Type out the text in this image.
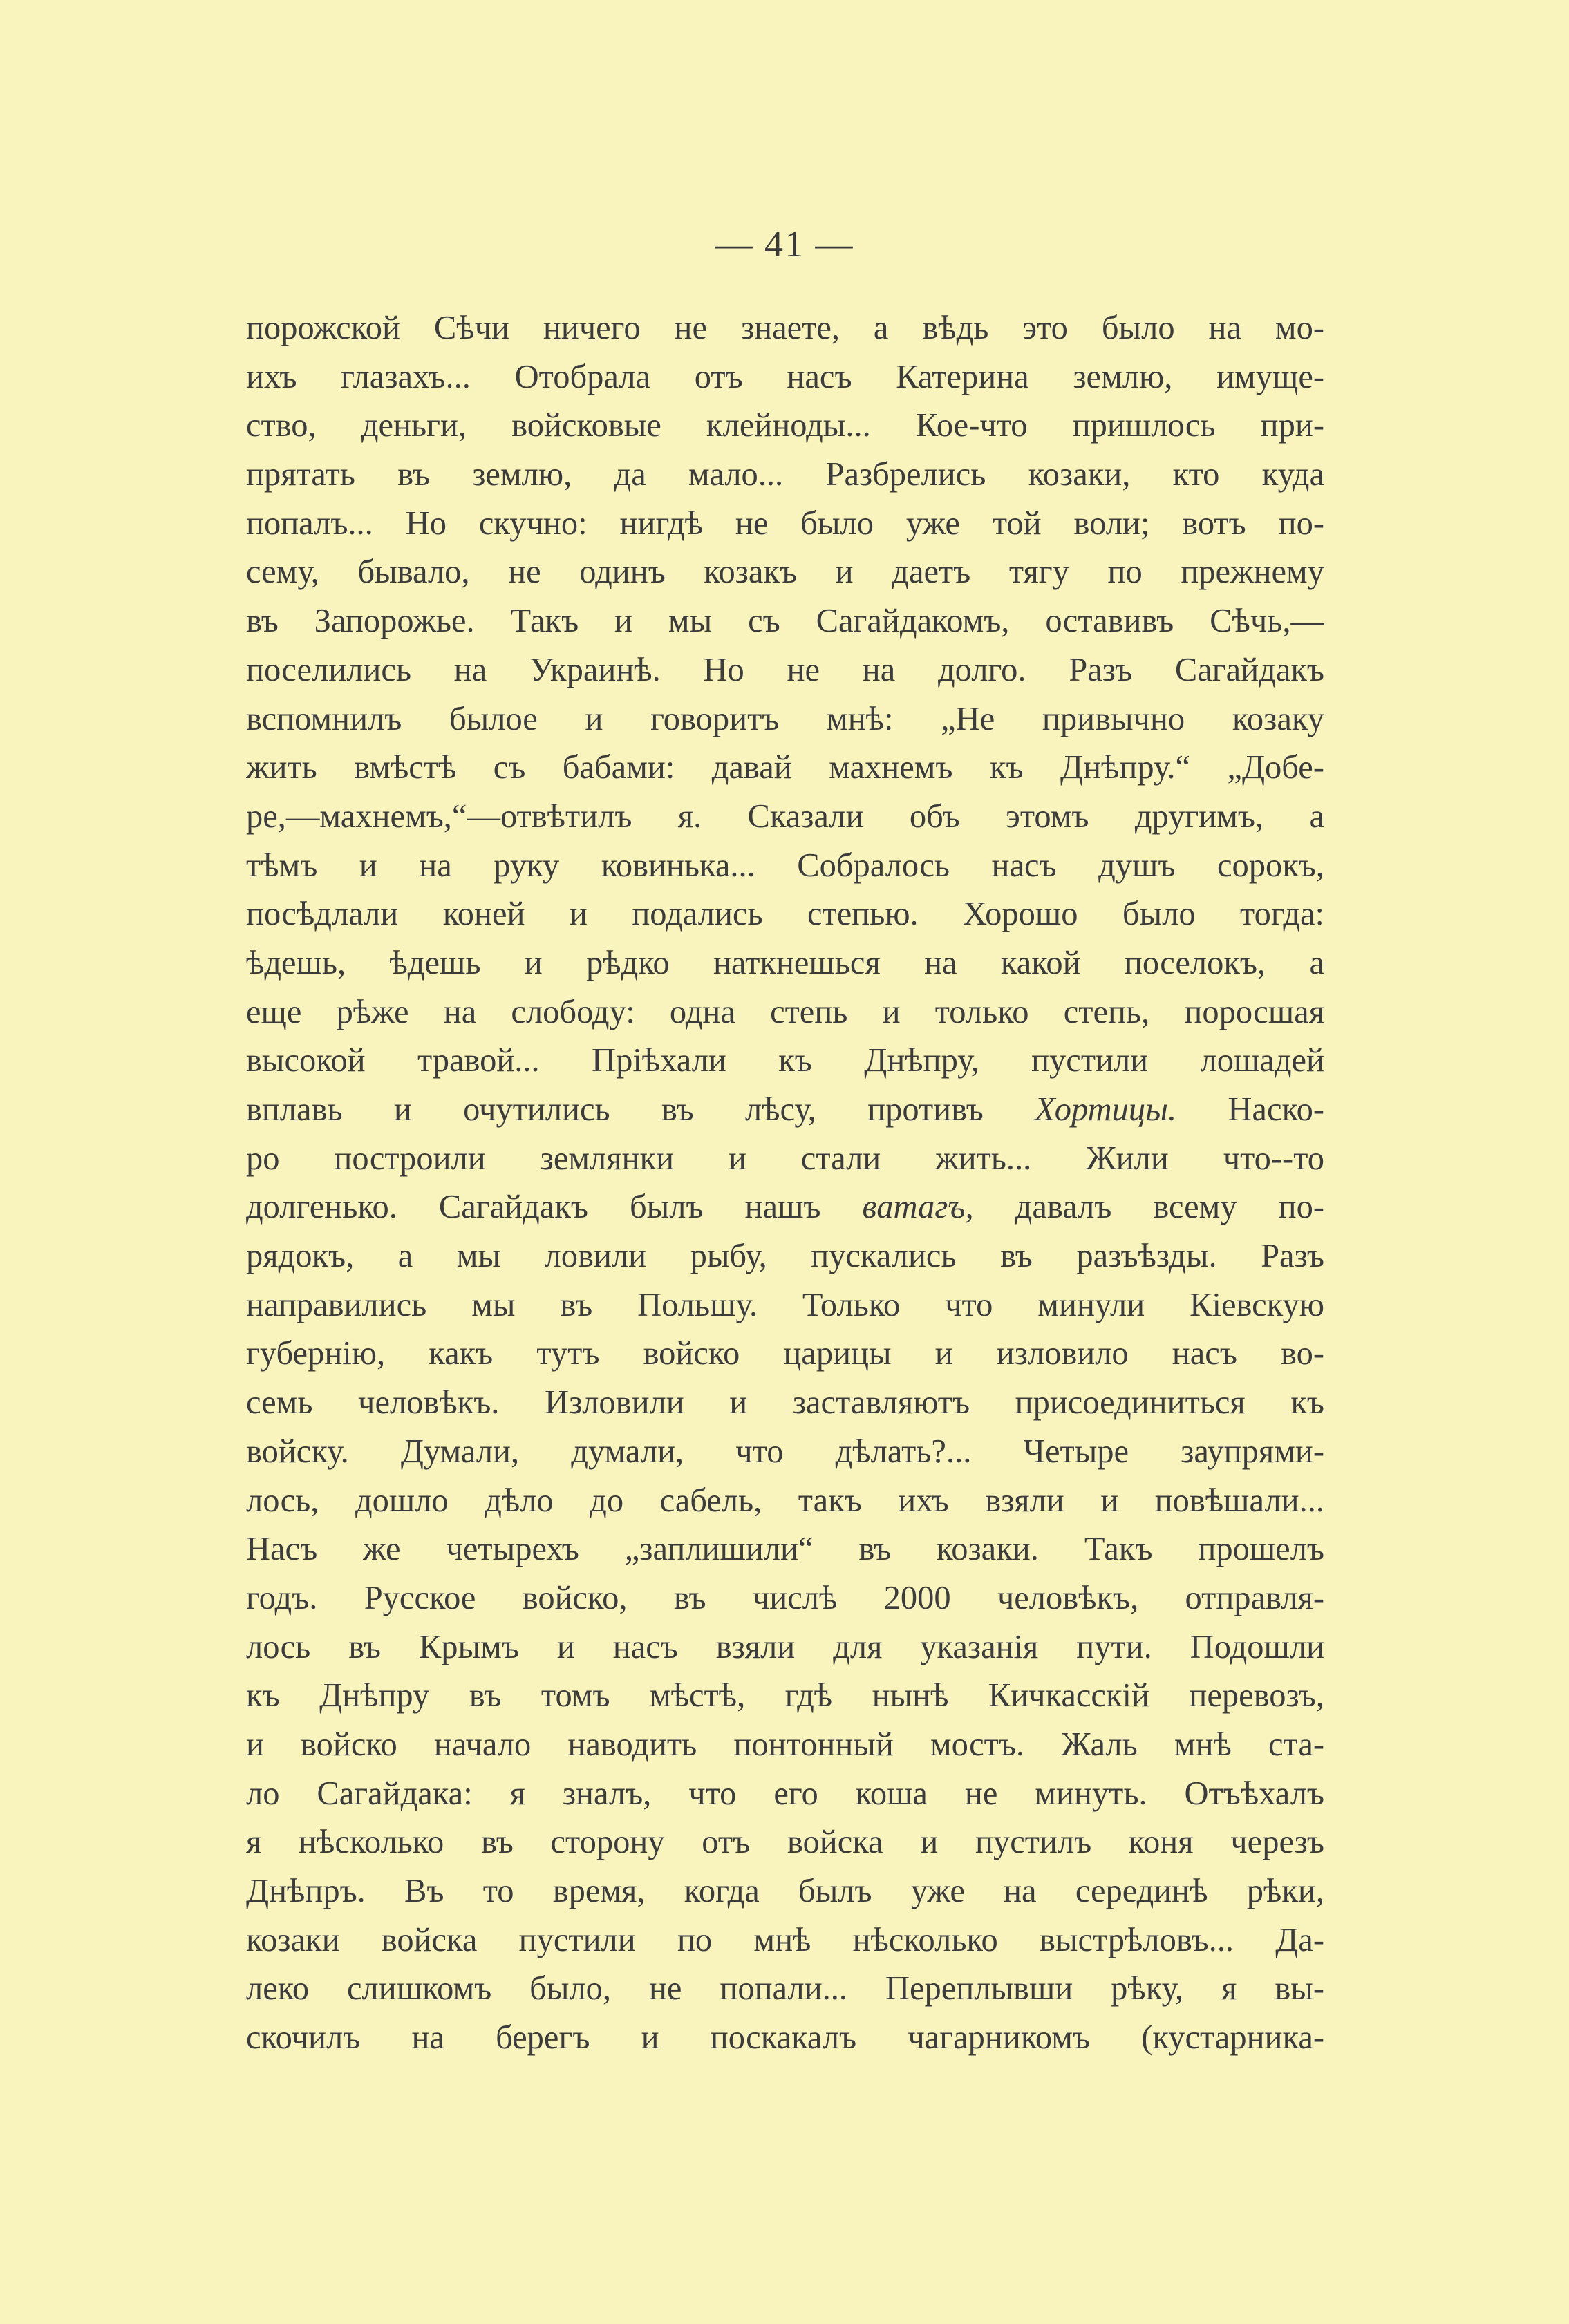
— 41 —
порожской Сѣчи ничего не знаете, а вѣдь это было на мо-
ихъ глазахъ... Отобрала отъ насъ Катерина землю, имуще-
ство, деньги, войсковые клейноды... Кое-что пришлось при-
прятать въ землю, да мало... Разбрелись козаки, кто куда
попалъ... Но скучно: нигдѣ не было уже той воли; вотъ по-
сему, бывало, не одинъ козакъ и даетъ тягу по прежнему
въ Запорожье. Такъ и мы съ Сагайдакомъ, оставивъ Сѣчь,—
поселились на Украинѣ. Но не на долго. Разъ Сагайдакъ
вспомнилъ былое и говоритъ мнѣ: „Не привычно козаку
жить вмѣстѣ съ бабами: давай махнемъ къ Днѣпру.“ „Добе-
ре,—махнемъ,“—отвѣтилъ я. Сказали объ этомъ другимъ, а
тѣмъ и на руку ковинька... Собралось насъ душъ сорокъ,
посѣдлали коней и подались степью. Хорошо было тогда:
ѣдешь, ѣдешь и рѣдко наткнешься на какой поселокъ, а
еще рѣже на слободу: одна степь и только степь, поросшая
высокой травой... Прiѣхали къ Днѣпру, пустили лошадей
вплавь и очутились въ лѣсу, противъ Хортицы. Наско-
ро построили землянки и стали жить... Жили что--то
долгенько. Сагайдакъ былъ нашъ ватагъ, давалъ всему по-
рядокъ, а мы ловили рыбу, пускались въ разъѣзды. Разъ
направились мы въ Польшу. Только что минули Кiевскую
губернiю, какъ тутъ войско царицы и изловило насъ во-
семь человѣкъ. Изловили и заставляютъ присоединиться къ
войску. Думали, думали, что дѣлать?... Четыре заупрями-
лось, дошло дѣло до сабель, такъ ихъ взяли и повѣшали...
Насъ же четырехъ „заплишили“ въ козаки. Такъ прошелъ
годъ. Русское войско, въ числѣ 2000 человѣкъ, отправля-
лось въ Крымъ и насъ взяли для указанiя пути. Подошли
къ Днѣпру въ томъ мѣстѣ, гдѣ нынѣ Кичкасскiй перевозъ,
и войско начало наводить понтонный мостъ. Жаль мнѣ ста-
ло Сагайдака: я зналъ, что его коша не минуть. Отъѣхалъ
я нѣсколько въ сторону отъ войска и пустилъ коня черезъ
Днѣпръ. Въ то время, когда былъ уже на серединѣ рѣки,
козаки войска пустили по мнѣ нѣсколько выстрѣловъ... Да-
леко слишкомъ было, не попали... Переплывши рѣку, я вы-
скочилъ на берегъ и поскакалъ чагарникомъ (кустарника-
